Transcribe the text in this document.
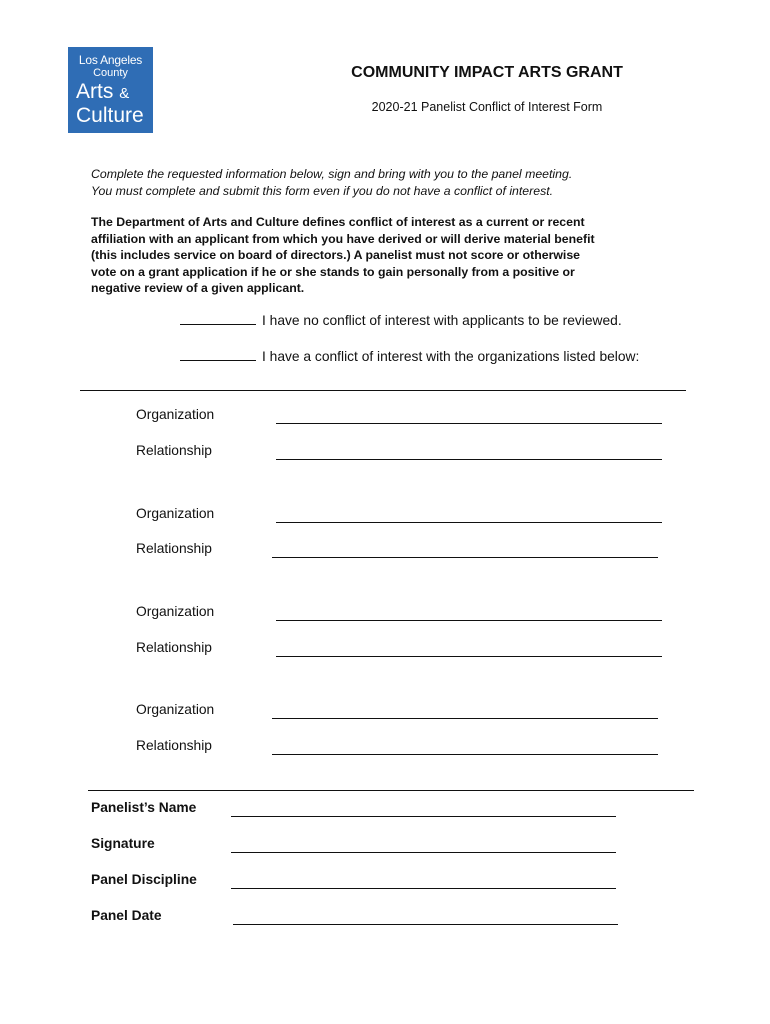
Los Angeles
County
Arts &
Culture
COMMUNITY IMPACT ARTS GRANT
2020-21 Panelist Conflict of Interest Form
Complete the requested information below, sign and bring with you to the panel meeting.
You must complete and submit this form even if you do not have a conflict of interest.
The Department of Arts and Culture defines conflict of interest as a current or recent
affiliation with an applicant from which you have derived or will derive material benefit
(this includes service on board of directors.) A panelist must not score or otherwise
vote on a grant application if he or she stands to gain personally from a positive or
negative review of a given applicant.
I have no conflict of interest with applicants to be reviewed.
I have a conflict of interest with the organizations listed below:
Organization
Relationship
Organization
Relationship
Organization
Relationship
Organization
Relationship
Panelist’s Name
Signature
Panel Discipline
Panel Date
